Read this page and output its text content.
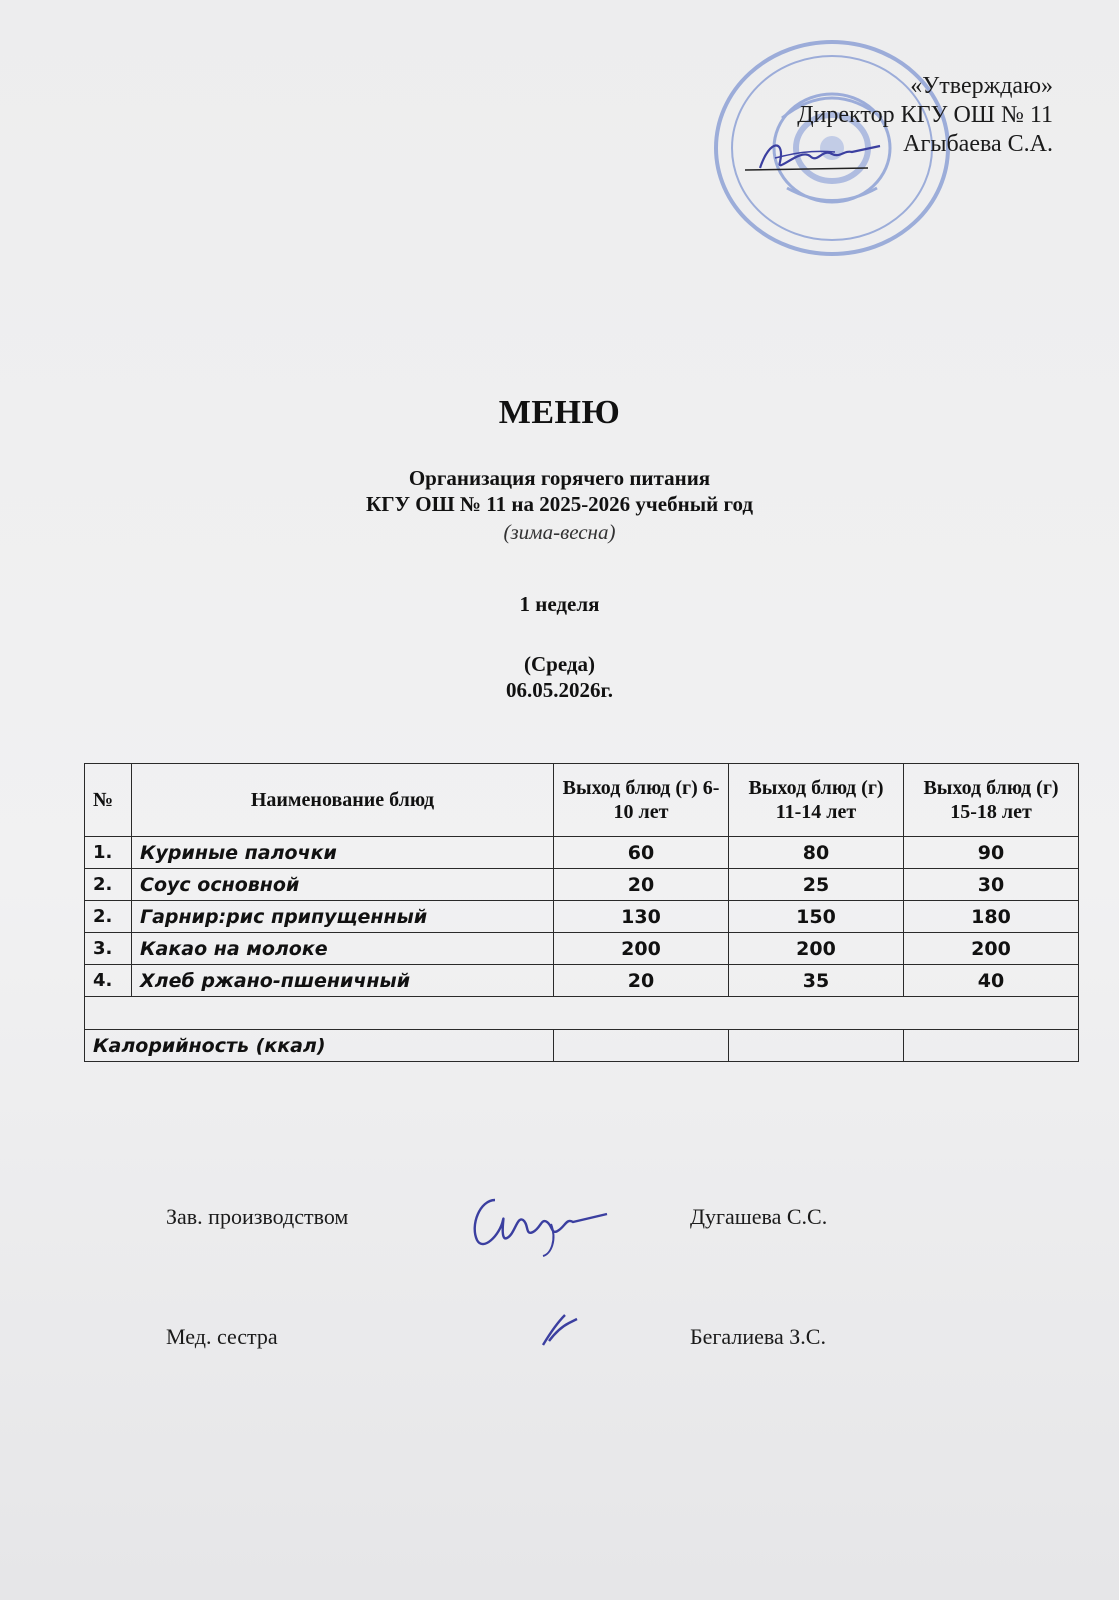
«Утверждаю»
Директор КГУ ОШ № 11
Агыбаева С.А.
МЕНЮ
Организация горячего питания
КГУ ОШ № 11 на 2025-2026 учебный год
(зима-весна)
1 неделя
(Среда)
06.05.2026г.
№	Наименование блюд	Выход блюд (г) 6-10 лет	Выход блюд (г) 11-14 лет	Выход блюд (г) 15-18 лет
1.	Куриные палочки	60	80	90
2.	Соус основной	20	25	30
2.	Гарнир:рис припущенный	130	150	180
3.	Какао на молоке	200	200	200
4.	Хлеб ржано-пшеничный	20	35	40

Калорийность (ккал)				
Зав. производством	Дугашева С.С.
Мед. сестра	Бегалиева З.С.
